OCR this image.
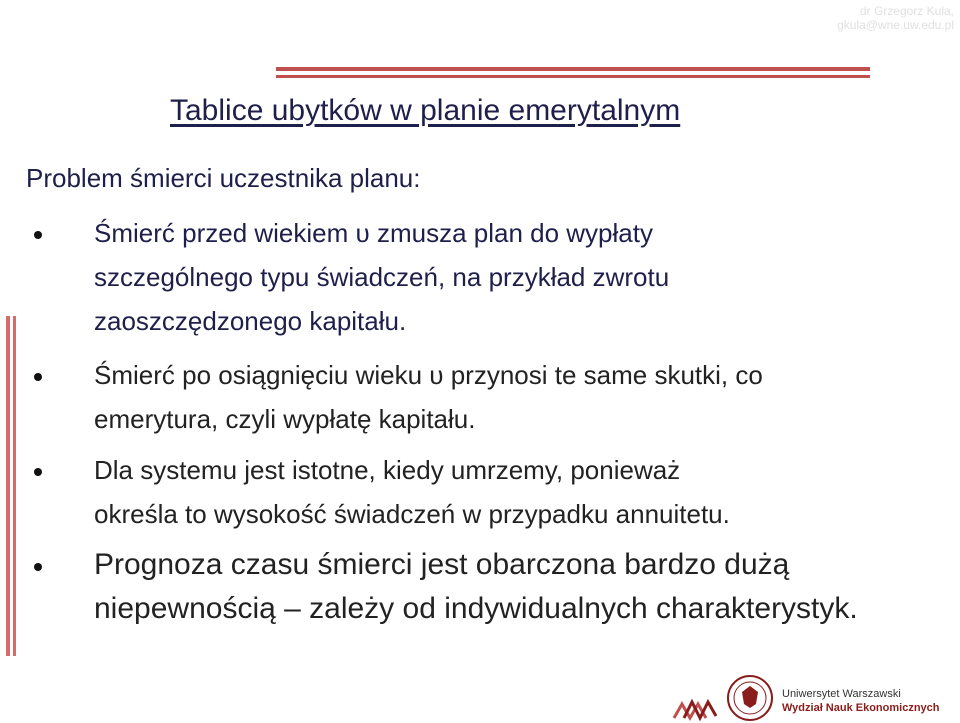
dr Grzegorz Kula,
gkula@wne.uw.edu.pl
Tablice ubytków w planie emerytalnym
Problem śmierci uczestnika planu:
Śmierć przed wiekiem υ zmusza plan do wypłaty
szczególnego typu świadczeń, na przykład zwrotu
zaoszczędzonego kapitału.
Śmierć po osiągnięciu wieku υ przynosi te same skutki, co
emerytura, czyli wypłatę kapitału.
Dla systemu jest istotne, kiedy umrzemy, ponieważ
określa to wysokość świadczeń w przypadku annuitetu.
Prognoza czasu śmierci jest obarczona bardzo dużą
niepewnością – zależy od indywidualnych charakterystyk.
Uniwersytet Warszawski
Wydział Nauk Ekonomicznych
